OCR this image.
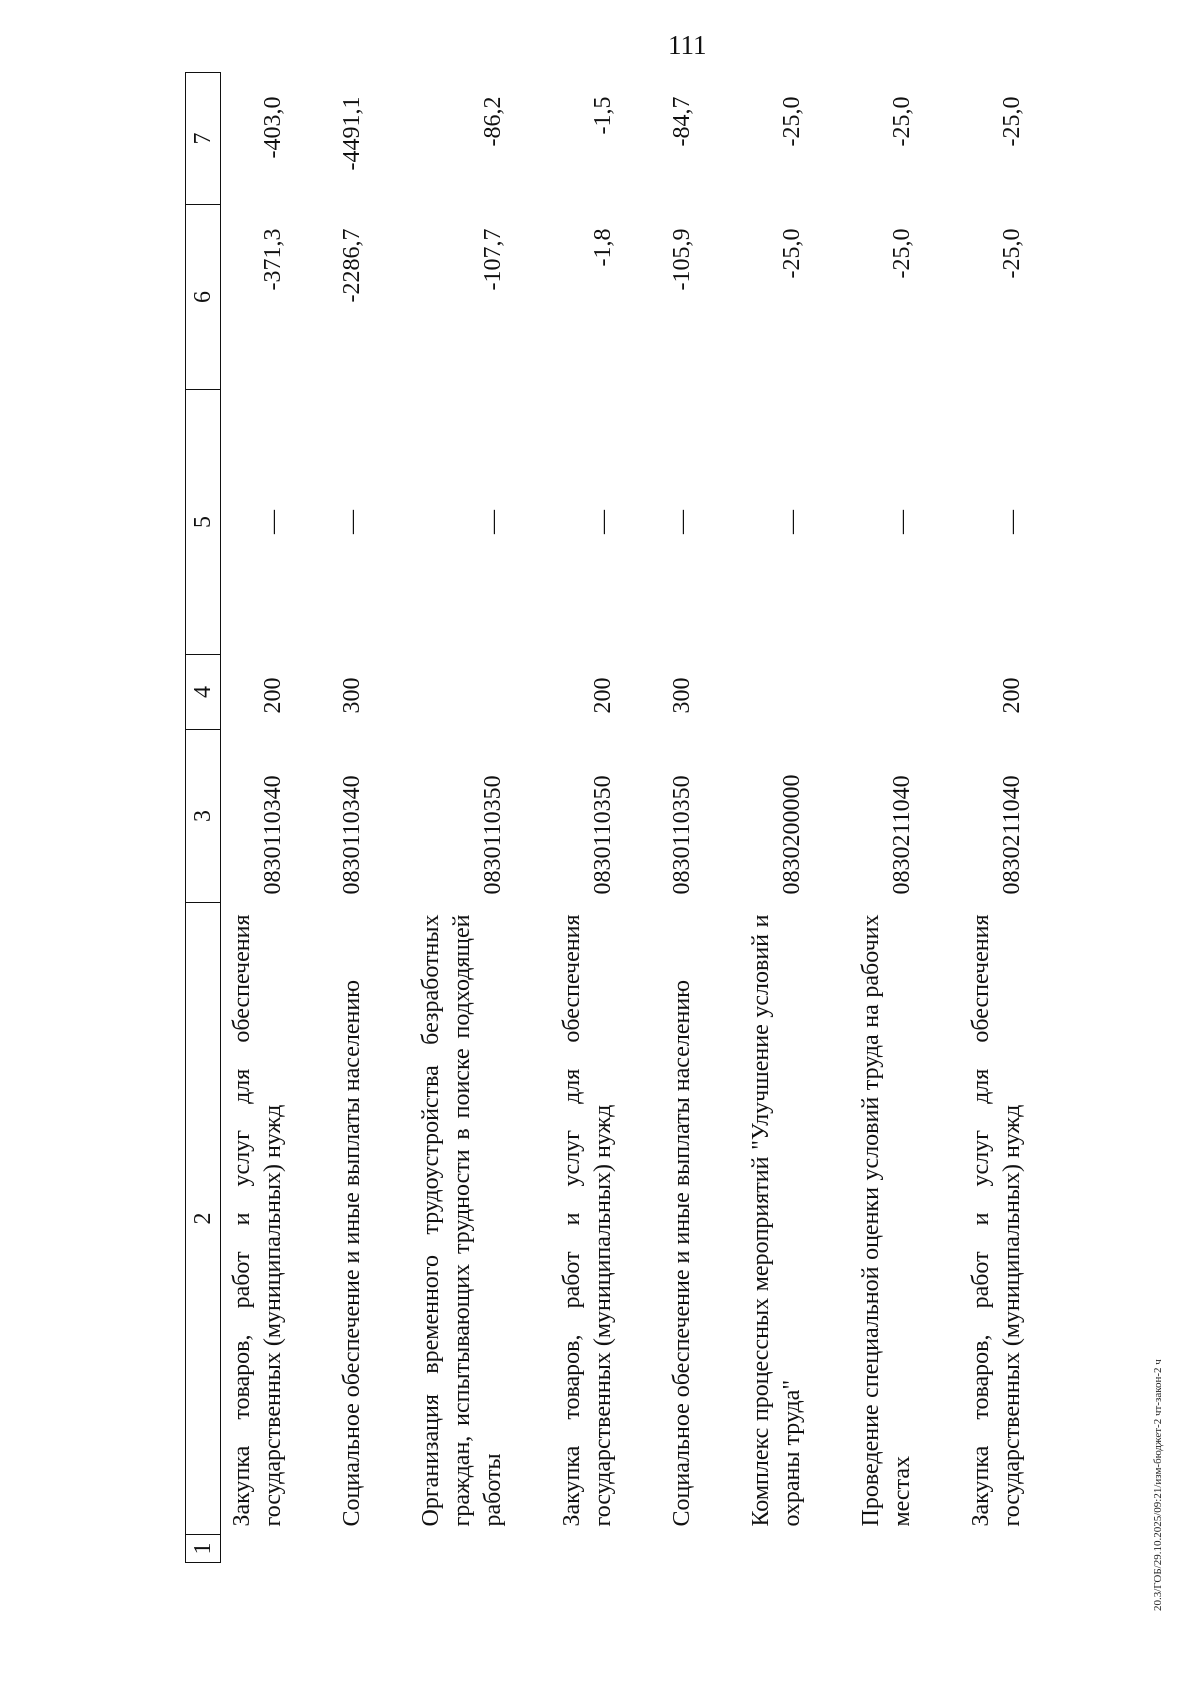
111
1	2	3	4	5	6	7
	Закупка товаров, работ и услуг для обеспечения государственных (муниципальных) нужд	0830110340	200	—	-371,3	-403,0
	Социальное обеспечение и иные выплаты населению	0830110340	300	—	-2286,7	-4491,1
	Организация временного трудоустройства безработных граждан, испытывающих трудности в поиске подходящей работы	0830110350		—	-107,7	-86,2
	Закупка товаров, работ и услуг для обеспечения государственных (муниципальных) нужд	0830110350	200	—	-1,8	-1,5
	Социальное обеспечение и иные выплаты населению	0830110350	300	—	-105,9	-84,7
	Комплекс процессных мероприятий "Улучшение условий и охраны труда"	0830200000		—	-25,0	-25,0
	Проведение специальной оценки условий труда на рабочих местах	0830211040		—	-25,0	-25,0
	Закупка товаров, работ и услуг для обеспечения государственных (муниципальных) нужд	0830211040	200	—	-25,0	-25,0
20.3/ГОБ/29.10.2025/09:21/изм-бюджет-2 чт-закон-2 ч
